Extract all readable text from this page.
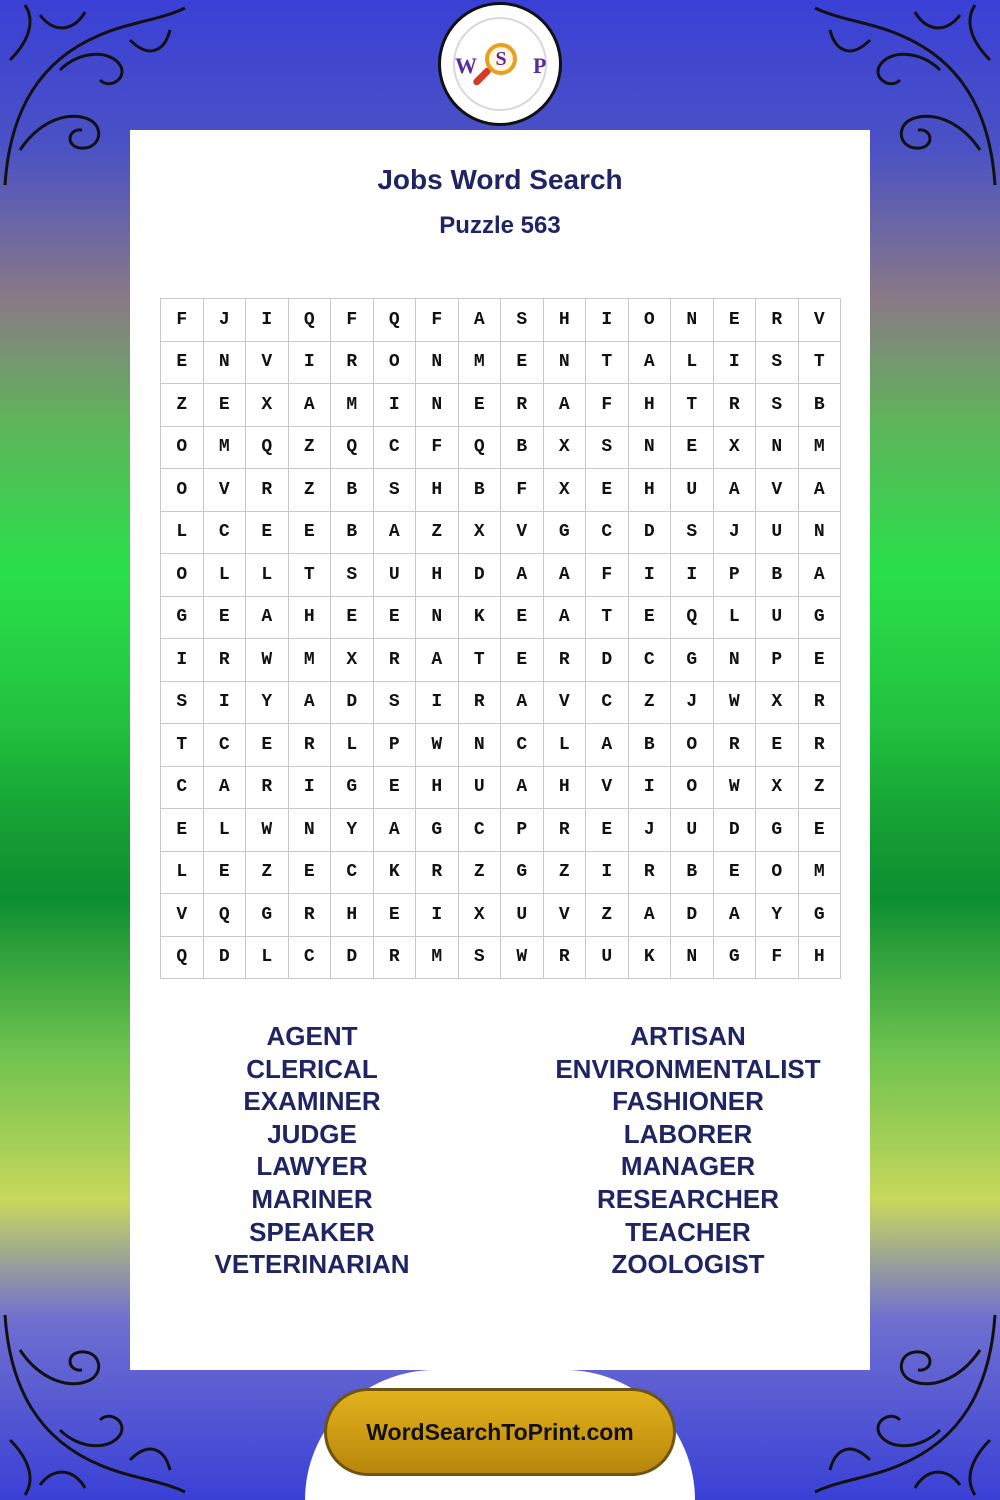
W S	P
Jobs Word Search
Puzzle 563
F	J	I	Q	F	Q	F	A	S	H	I	O	N	E	R	V
E	N	V	I	R	O	N	M	E	N	T	A	L	I	S	T
Z	E	X	A	M	I	N	E	R	A	F	H	T	R	S	B
O	M	Q	Z	Q	C	F	Q	B	X	S	N	E	X	N	M
O	V	R	Z	B	S	H	B	F	X	E	H	U	A	V	A
L	C	E	E	B	A	Z	X	V	G	C	D	S	J	U	N
O	L	L	T	S	U	H	D	A	A	F	I	I	P	B	A
G	E	A	H	E	E	N	K	E	A	T	E	Q	L	U	G
I	R	W	M	X	R	A	T	E	R	D	C	G	N	P	E
S	I	Y	A	D	S	I	R	A	V	C	Z	J	W	X	R
T	C	E	R	L	P	W	N	C	L	A	B	O	R	E	R
C	A	R	I	G	E	H	U	A	H	V	I	O	W	X	Z
E	L	W	N	Y	A	G	C	P	R	E	J	U	D	G	E
L	E	Z	E	C	K	R	Z	G	Z	I	R	B	E	O	M
V	Q	G	R	H	E	I	X	U	V	Z	A	D	A	Y	G
Q	D	L	C	D	R	M	S	W	R	U	K	N	G	F	H
AGENT
CLERICAL
EXAMINER
JUDGE
LAWYER
MARINER
SPEAKER
VETERINARIAN
ARTISAN
ENVIRONMENTALIST
FASHIONER
LABORER
MANAGER
RESEARCHER
TEACHER
ZOOLOGIST
WordSearchToPrint.com
